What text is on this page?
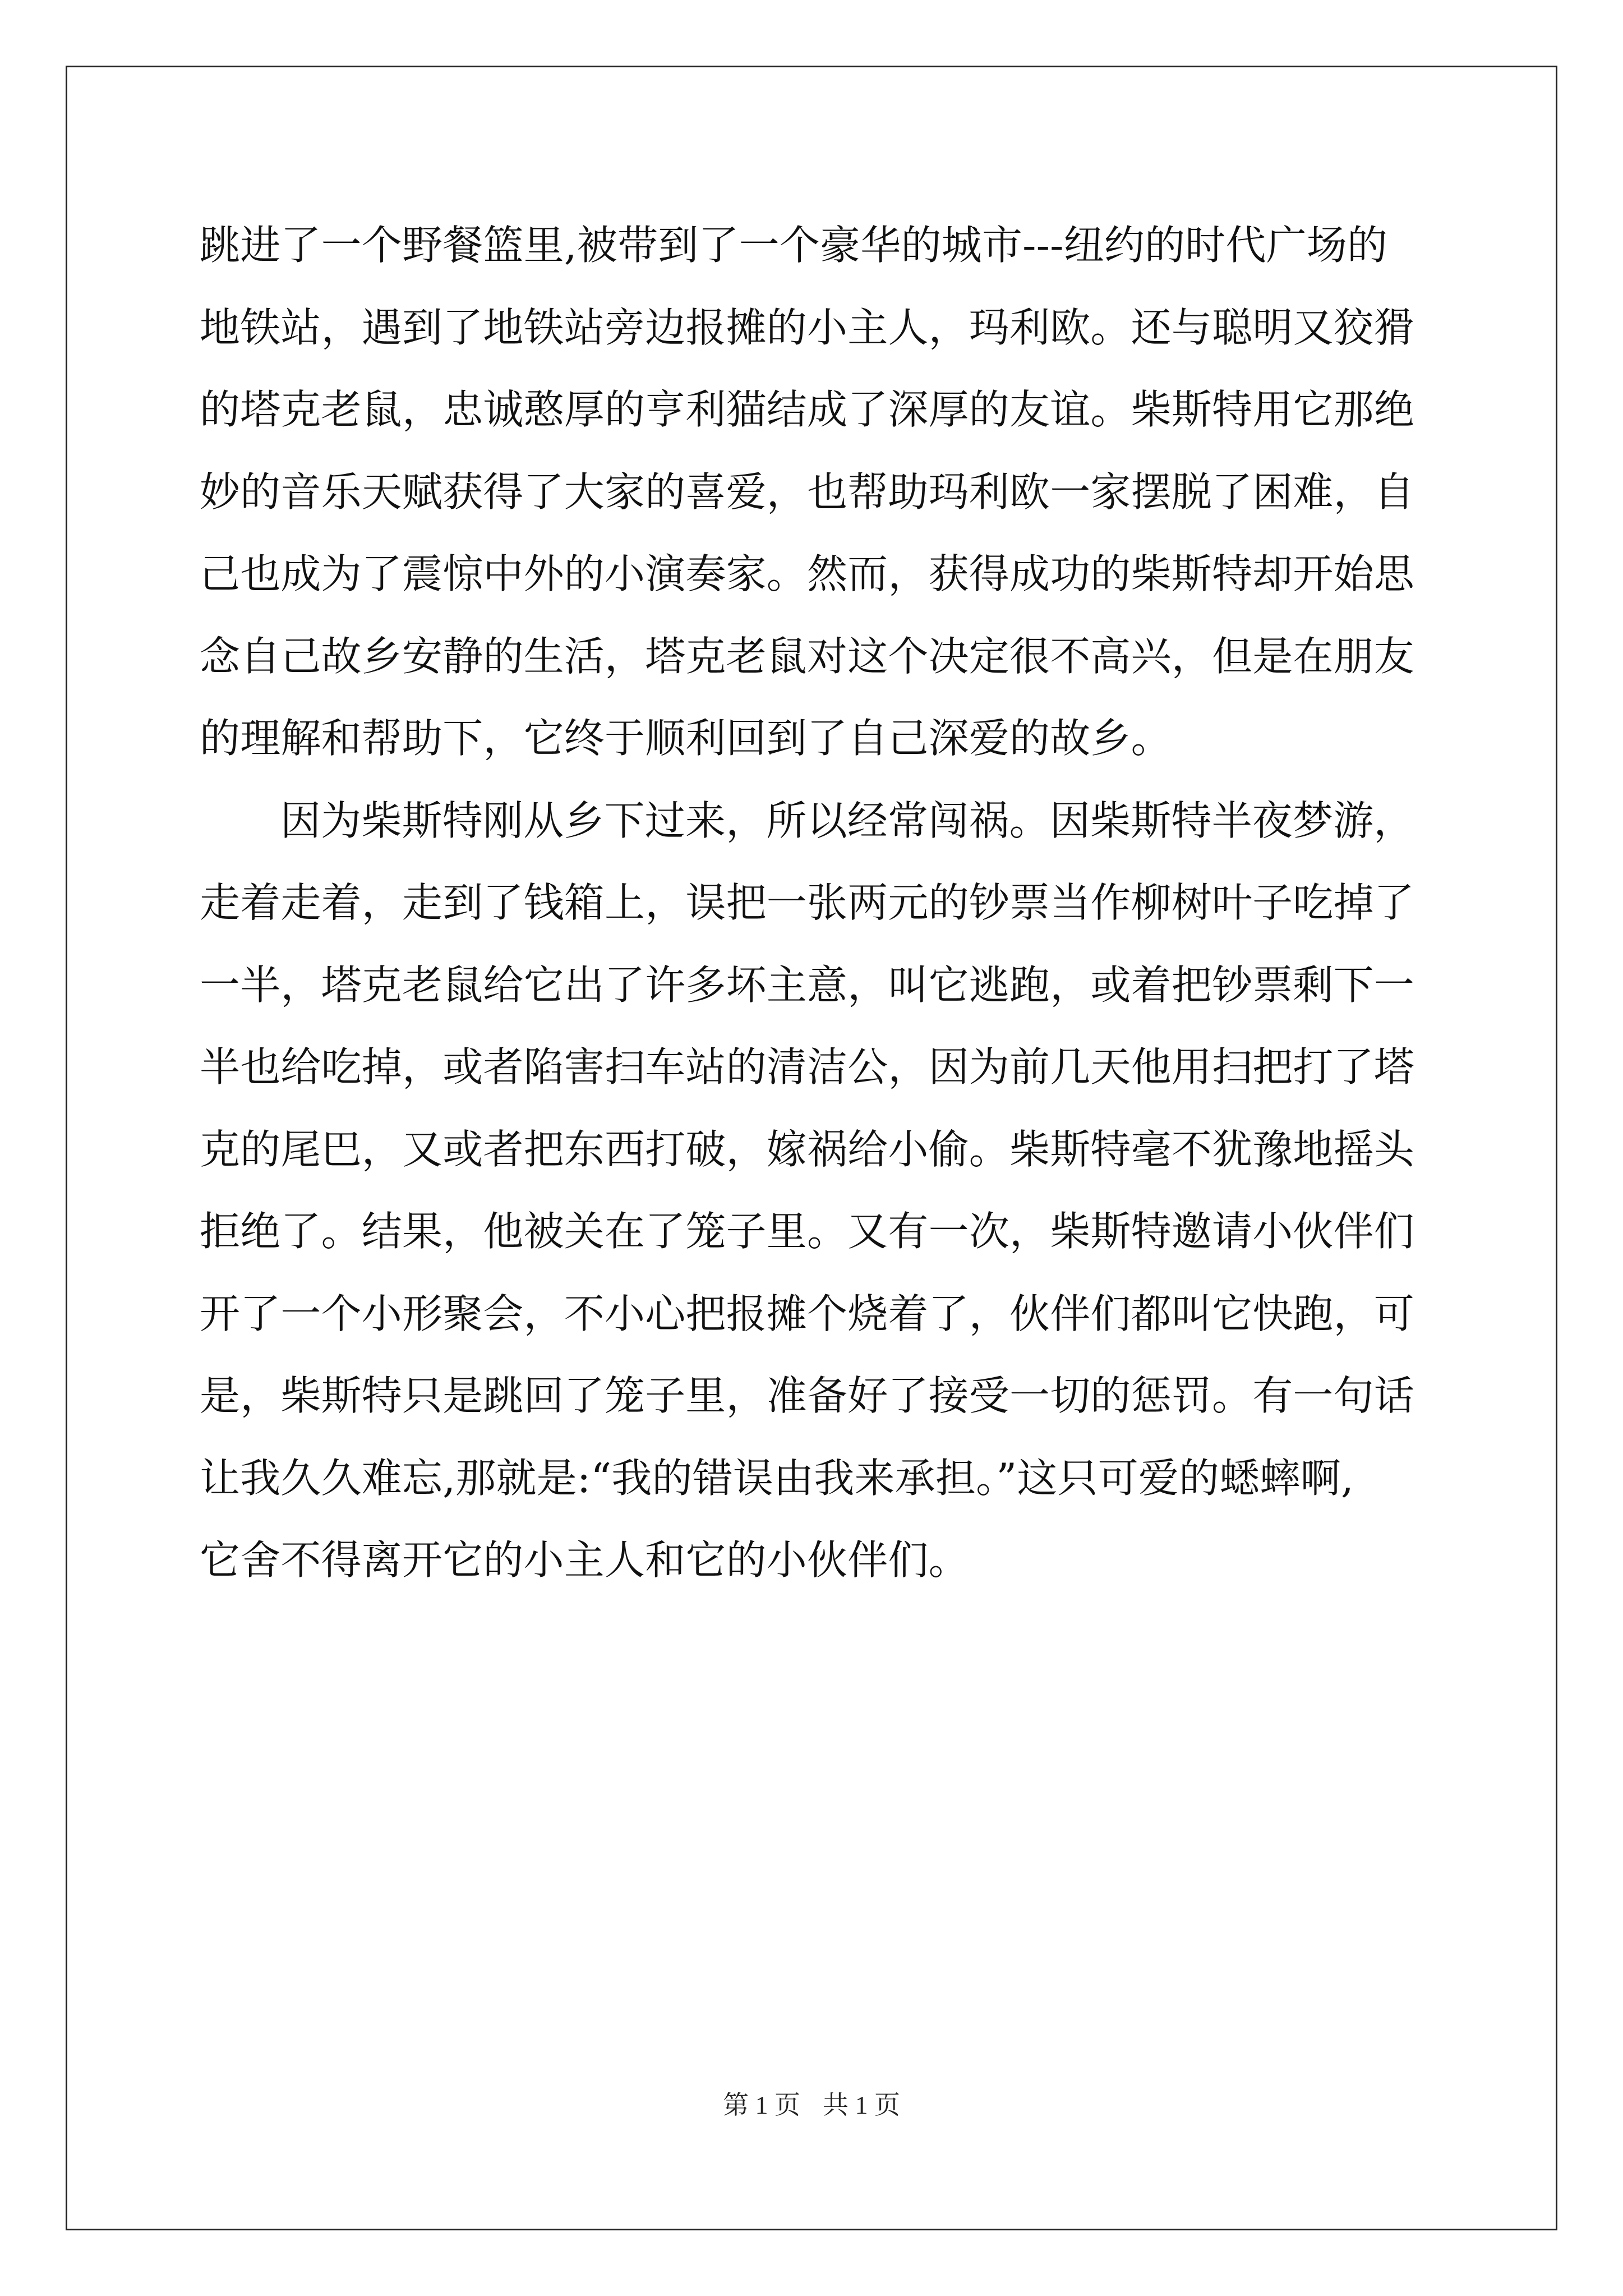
跳进了一个野餐篮里,被带到了一个豪华的城市---纽约的时代广场的
地铁站，遇到了地铁站旁边报摊的小主人，玛利欧。还与聪明又狡猾
的塔克老鼠，忠诚憨厚的亨利猫结成了深厚的友谊。柴斯特用它那绝
妙的音乐天赋获得了大家的喜爱，也帮助玛利欧一家摆脱了困难，自
己也成为了震惊中外的小演奏家。然而，获得成功的柴斯特却开始思
念自己故乡安静的生活，塔克老鼠对这个决定很不高兴，但是在朋友
的理解和帮助下，它终于顺利回到了自己深爱的故乡。
因为柴斯特刚从乡下过来，所以经常闯祸。因柴斯特半夜梦游，
走着走着，走到了钱箱上，误把一张两元的钞票当作柳树叶子吃掉了
一半，塔克老鼠给它出了许多坏主意，叫它逃跑，或着把钞票剩下一
半也给吃掉，或者陷害扫车站的清洁公，因为前几天他用扫把打了塔
克的尾巴，又或者把东西打破，嫁祸给小偷。柴斯特毫不犹豫地摇头
拒绝了。结果，他被关在了笼子里。又有一次，柴斯特邀请小伙伴们
开了一个小形聚会，不小心把报摊个烧着了，伙伴们都叫它快跑，可
是，柴斯特只是跳回了笼子里，准备好了接受一切的惩罚。有一句话
让我久久难忘,那就是:“我的错误由我来承担。”这只可爱的蟋蟀啊,
它舍不得离开它的小主人和它的小伙伴们。
第 1 页 共 1 页
